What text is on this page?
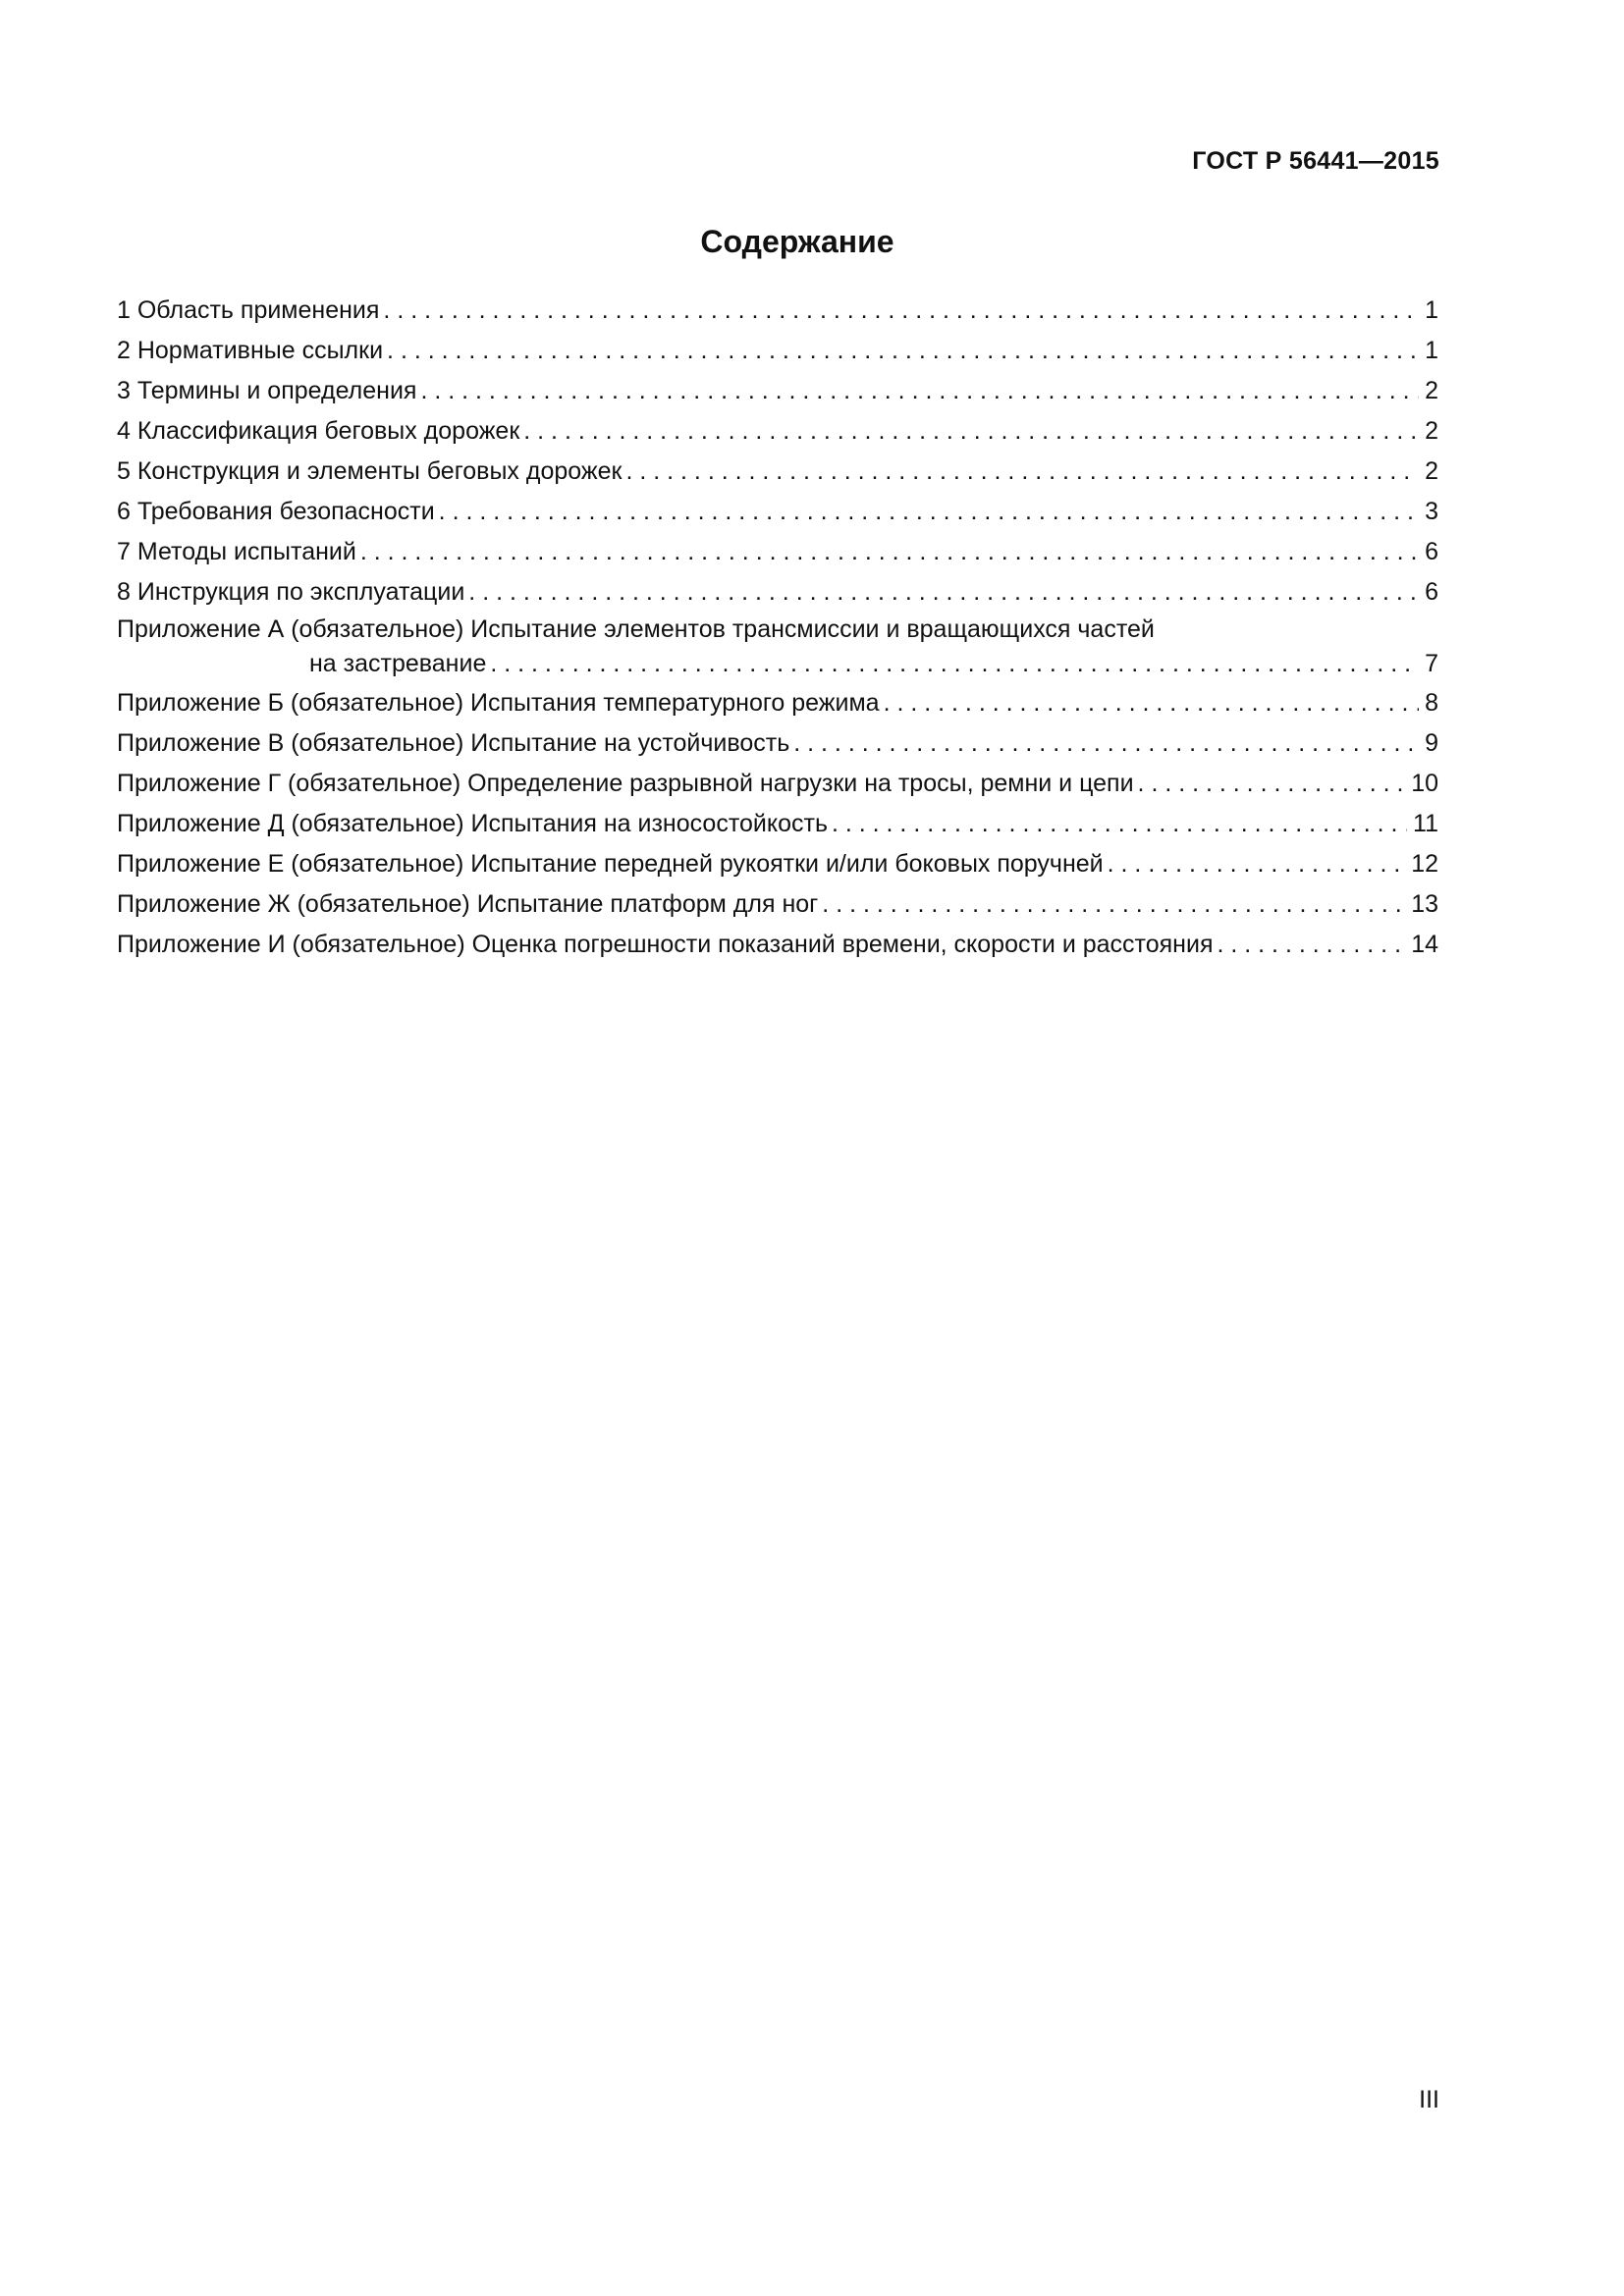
ГОСТ Р 56441—2015
Содержание
1 Область применения . . .	1
2 Нормативные ссылки . . .	1
3 Термины и определения . . .	2
4 Классификация беговых дорожек . . .	2
5 Конструкция и элементы беговых дорожек . . .	2
6 Требования безопасности . . .	3
7 Методы испытаний . . .	6
8 Инструкция по эксплуатации . . .	6
Приложение А (обязательное) Испытание элементов трансмиссии и вращающихся частей
на застревание . . .	7
Приложение Б (обязательное) Испытания температурного режима . . .	8
Приложение В (обязательное) Испытание на устойчивость . . .	9
Приложение Г (обязательное) Определение разрывной нагрузки на тросы, ремни и цепи . . .	10
Приложение Д (обязательное) Испытания на износостойкость . . .	11
Приложение Е (обязательное) Испытание передней рукоятки и/или боковых поручней . . .	12
Приложение Ж (обязательное) Испытание платформ для ног . . .	13
Приложение И (обязательное) Оценка погрешности показаний времени, скорости и расстояния . . .	14
III
